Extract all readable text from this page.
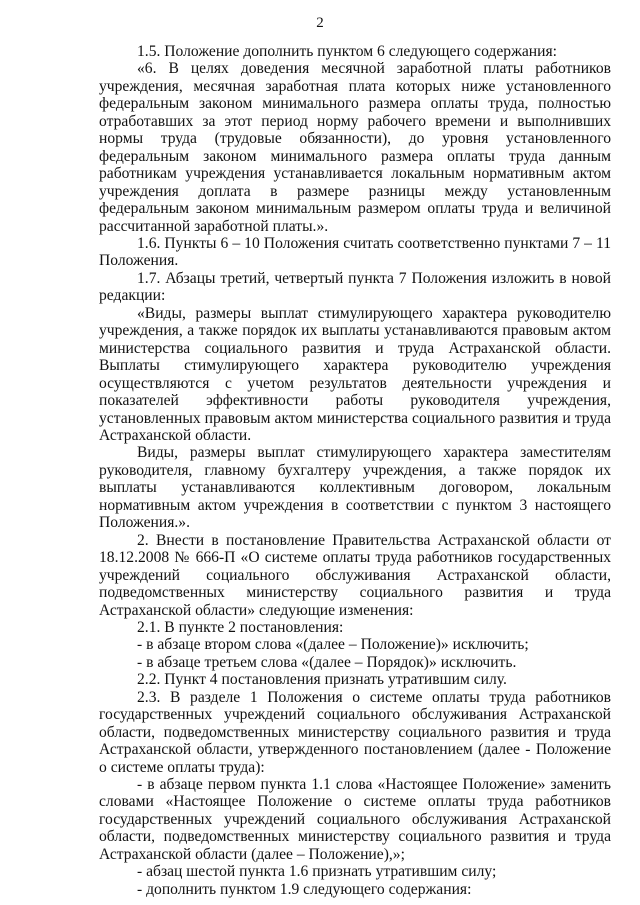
2

1.5. Положение дополнить пунктом 6 следующего содержания:

«6. В целях доведения месячной заработной платы работников учреждения, месячная заработная плата которых ниже установленного федеральным законом минимального размера оплаты труда, полностью отработавших за этот период норму рабочего времени и выполнивших нормы труда (трудовые обязанности), до уровня установленного федеральным законом минимального размера оплаты труда данным работникам учреждения устанавливается локальным нормативным актом учреждения доплата в размере разницы между установленным федеральным законом минимальным размером оплаты труда и величиной рассчитанной заработной платы.».

1.6. Пункты 6 – 10 Положения считать соответственно пунктами 7 – 11 Положения.

1.7. Абзацы третий, четвертый пункта 7 Положения изложить в новой редакции:

«Виды, размеры выплат стимулирующего характера руководителю учреждения, а также порядок их выплаты устанавливаются правовым актом министерства социального развития и труда Астраханской области. Выплаты стимулирующего характера руководителю учреждения осуществляются с учетом результатов деятельности учреждения и показателей эффективности работы руководителя учреждения, установленных правовым актом министерства социального развития и труда Астраханской области.

Виды, размеры выплат стимулирующего характера заместителям руководителя, главному бухгалтеру учреждения, а также порядок их выплаты устанавливаются коллективным договором, локальным нормативным актом учреждения в соответствии с пунктом 3 настоящего Положения.».

2. Внести в постановление Правительства Астраханской области от 18.12.2008 № 666-П «О системе оплаты труда работников государственных учреждений социального обслуживания Астраханской области, подведомственных министерству социального развития и труда Астраханской области» следующие изменения:

2.1. В пункте 2 постановления:

- в абзаце втором слова «(далее – Положение)» исключить;

- в абзаце третьем слова «(далее – Порядок)» исключить.

2.2. Пункт 4 постановления признать утратившим силу.

2.3. В разделе 1 Положения о системе оплаты труда работников государственных учреждений социального обслуживания Астраханской области, подведомственных министерству социального развития и труда Астраханской области, утвержденного постановлением (далее - Положение о системе оплаты труда):

- в абзаце первом пункта 1.1 слова «Настоящее Положение» заменить словами «Настоящее Положение о системе оплаты труда работников государственных учреждений социального обслуживания Астраханской области, подведомственных министерству социального развития и труда Астраханской области (далее – Положение),»;

- абзац шестой пункта 1.6 признать утратившим силу;

- дополнить пунктом 1.9 следующего содержания:
